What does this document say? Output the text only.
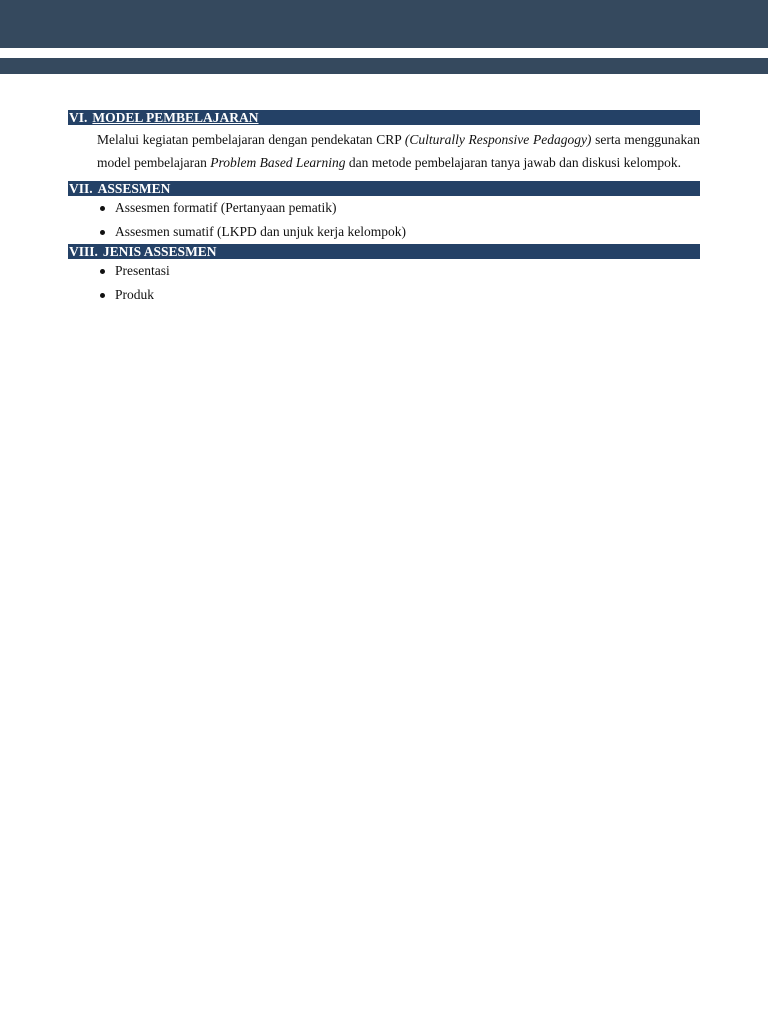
VI. MODEL PEMBELAJARAN

Melalui kegiatan pembelajaran dengan pendekatan CRP (Culturally Responsive Pedagogy) serta menggunakan model pembelajaran Problem Based Learning dan metode pembelajaran tanya jawab dan diskusi kelompok.

VII. ASSESMEN
Assesmen formatif (Pertanyaan pematik)
Assesmen sumatif (LKPD dan unjuk kerja kelompok)
VIII. JENIS ASSESMEN
Presentasi
Produk
